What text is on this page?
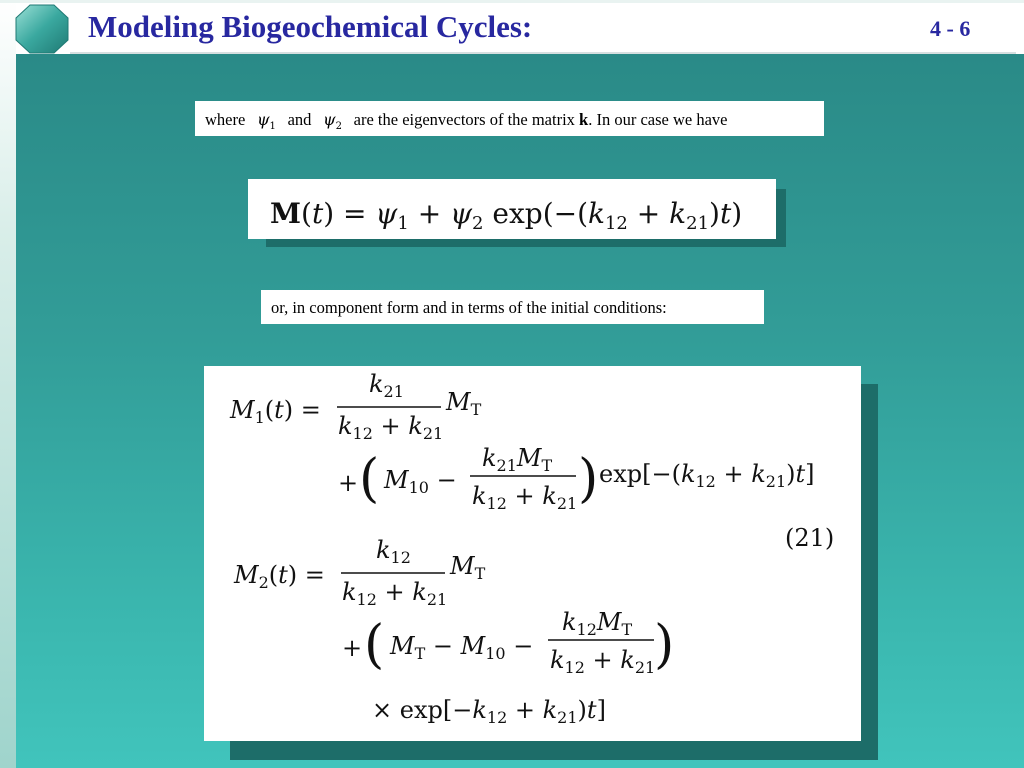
Modeling Biogeochemical Cycles:	4 - 6
where $\psi_1$ and $\psi_2$ are the eigenvectors of the matrix k. In our case we have
$M(t) = \psi_1 + \psi_2$ $\exp(-(k_{12} + k_{21})t)$
or, in component form and in terms of the initial conditions:
$M_1(t)$ =
$k_{21}$
$k_{12} + k_{21}$
$M_T$
+ ( $M_{10}$ −
$k_{21}M_T$
$k_{12} + k_{21}$ ) $\exp[-(k_{12} + k_{21})t]$
(21)
$M_2(t)$ =
$k_{12}$
$k_{12} + k_{21}$
$M_T$
+ ( $M_T - M_{10}$ −
$k_{12}M_T$
$k_{12} + k_{21}$
)
× $\exp[-k_{12} + k_{21})t$]
